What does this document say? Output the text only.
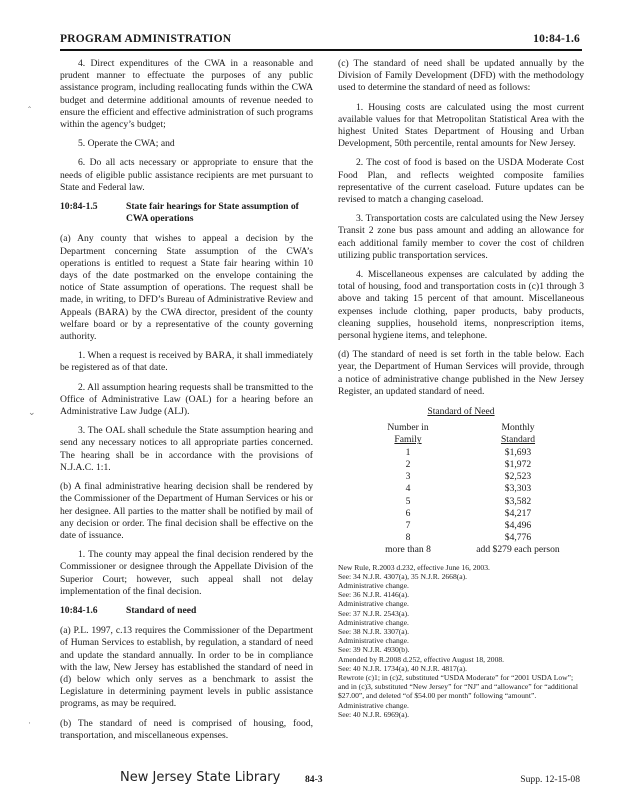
PROGRAM ADMINISTRATION	10:84-1.6
‸
⌄
·

4. Direct expenditures of the CWA in a reasonable and prudent manner to effectuate the purposes of any public assistance program, including reallocating funds within the CWA budget and determine additional amounts of revenue needed to ensure the efficient and effective administration of such programs within the agency’s budget;

5. Operate the CWA; and

6. Do all acts necessary or appropriate to ensure that the needs of eligible public assistance recipients are met pursuant to State and Federal law.

10:84-1.5	State fair hearings for State assumption of CWA operations

(a) Any county that wishes to appeal a decision by the Department concerning State assumption of the CWA’s operations is entitled to request a State fair hearing within 10 days of the date postmarked on the envelope containing the notice of State assumption of operations. The request shall be made, in writing, to DFD’s Bureau of Administrative Review and Appeals (BARA) by the CWA director, president of the county welfare board or by a representative of the county governing authority.

1. When a request is received by BARA, it shall immediately be registered as of that date.

2. All assumption hearing requests shall be transmitted to the Office of Administrative Law (OAL) for a hearing before an Administrative Law Judge (ALJ).

3. The OAL shall schedule the State assumption hearing and send any necessary notices to all appropriate parties concerned. The hearing shall be in accordance with the provisions of N.J.A.C. 1:1.

(b) A final administrative hearing decision shall be rendered by the Commissioner of the Department of Human Services or his or her designee. All parties to the matter shall be notified by mail of any decision or order. The final decision shall be effective on the date of issuance.

1. The county may appeal the final decision rendered by the Commissioner or designee through the Appellate Division of the Superior Court; however, such appeal shall not delay implementation of the final decision.

10:84-1.6	Standard of need

(a) P.L. 1997, c.13 requires the Commissioner of the Department of Human Services to establish, by regulation, a standard of need and update the standard annually. In order to be in compliance with the law, New Jersey has established the standard of need in (d) below which only serves as a benchmark to assist the Legislature in determining payment levels in public assistance programs, as may be required.

(b) The standard of need is comprised of housing, food, transportation, and miscellaneous expenses.

(c) The standard of need shall be updated annually by the Division of Family Development (DFD) with the methodology used to determine the standard of need as follows:

1. Housing costs are calculated using the most current available values for that Metropolitan Statistical Area with the highest United States Department of Housing and Urban Development, 50th percentile, rental amounts for New Jersey.

2. The cost of food is based on the USDA Moderate Cost Food Plan, and reflects weighted composite families representative of the current caseload. Future updates can be revised to match a changing caseload.

3. Transportation costs are calculated using the New Jersey Transit 2 zone bus pass amount and adding an allowance for each additional family member to cover the cost of children utilizing public transportation services.

4. Miscellaneous expenses are calculated by adding the total of housing, food and transportation costs in (c)1 through 3 above and taking 15 percent of that amount. Miscellaneous expenses include clothing, paper products, baby products, cleaning supplies, household items, nonprescription items, personal hygiene items, and telephone.

(d) The standard of need is set forth in the table below. Each year, the Department of Human Services will provide, through a notice of administrative change published in the New Jersey Register, an updated standard of need.

Standard of Need
Number in	Monthly
Family	Standard
1	$1,693
2	$1,972
3	$2,523
4	$3,303
5	$3,582
6	$4,217
7	$4,496
8	$4,776
more than 8	add $279 each person
New Rule, R.2003 d.232, effective June 16, 2003.
See: 34 N.J.R. 4307(a), 35 N.J.R. 2668(a).
Administrative change.
See: 36 N.J.R. 4146(a).
Administrative change.
See: 37 N.J.R. 2543(a).
Administrative change.
See: 38 N.J.R. 3307(a).
Administrative change.
See: 39 N.J.R. 4930(b).
Amended by R.2008 d.252, effective August 18, 2008.
See: 40 N.J.R. 1734(a), 40 N.J.R. 4817(a).
Rewrote (c)1; in (c)2, substituted “USDA Moderate” for “2001 USDA Low”; and in (c)3, substituted “New Jersey” for “NJ” and “allowance” for “additional $27.00”, and deleted “of $54.00 per month” following “amount”.
Administrative change.
See: 40 N.J.R. 6969(a).
New Jersey State Library	84-3	Supp. 12-15-08
